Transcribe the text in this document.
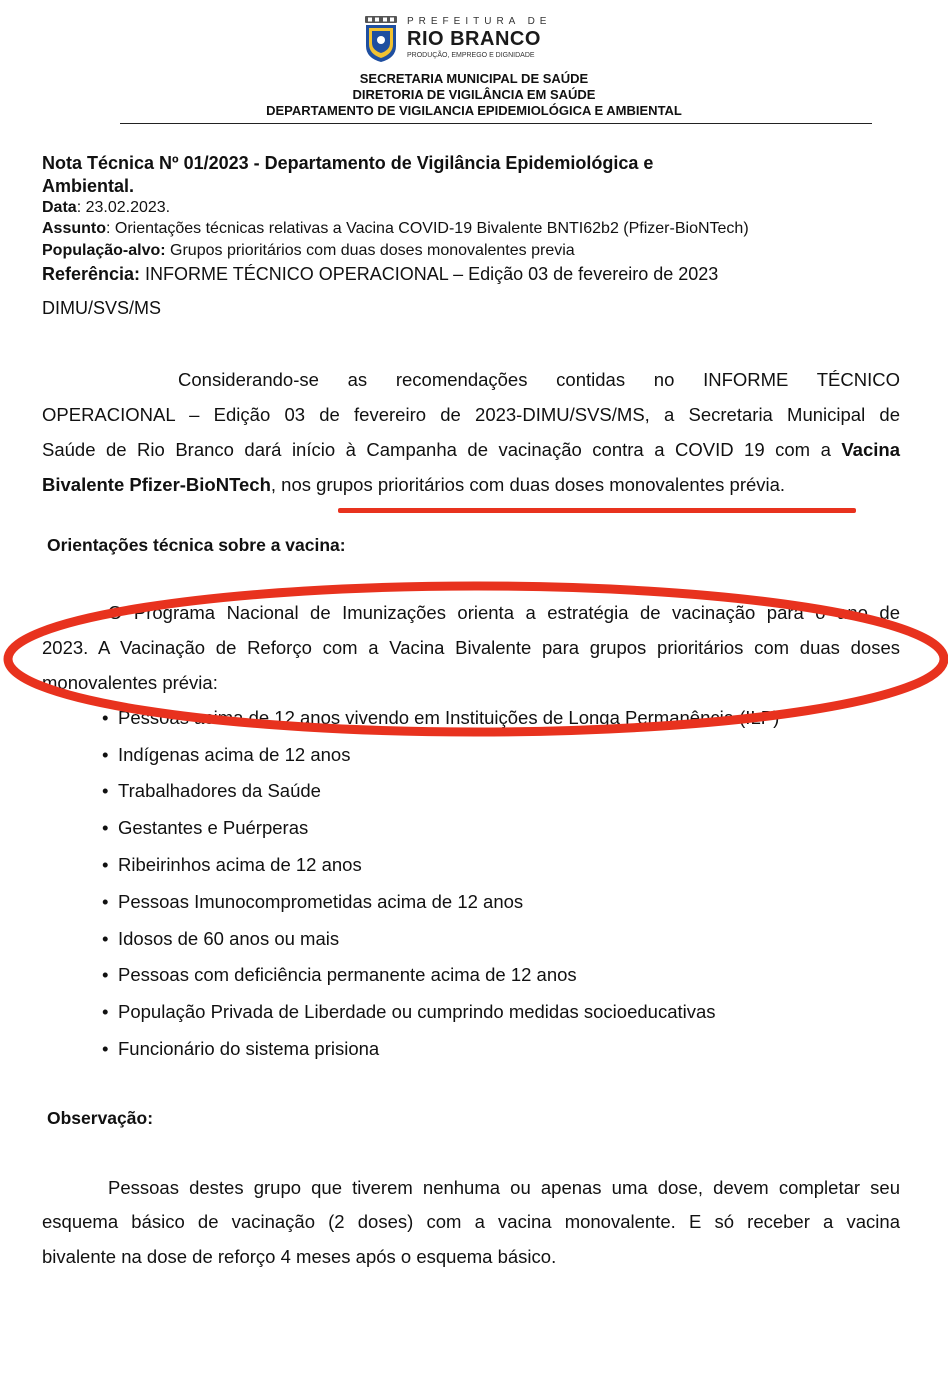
PREFEITURA DE
RIO BRANCO
PRODUÇÃO, EMPREGO E DIGNIDADE
SECRETARIA MUNICIPAL DE SAÚDE
DIRETORIA DE VIGILÂNCIA EM SAÚDE
DEPARTAMENTO DE VIGILANCIA EPIDEMIOLÓGICA E AMBIENTAL
Nota Técnica Nº 01/2023 - Departamento de Vigilância Epidemiológica e
Ambiental.
Data: 23.02.2023.
Assunto: Orientações técnicas relativas a Vacina COVID-19 Bivalente BNTI62b2 (Pfizer-BioNTech)
População-alvo: Grupos prioritários com duas doses monovalentes previa
Referência: INFORME TÉCNICO OPERACIONAL – Edição 03 de fevereiro de 2023
DIMU/SVS/MS
Considerando-se as recomendações contidas no INFORME TÉCNICO
OPERACIONAL – Edição 03 de fevereiro de 2023-DIMU/SVS/MS, a Secretaria Municipal de
Saúde de Rio Branco dará início à Campanha de vacinação contra a COVID 19 com a Vacina
Bivalente Pfizer-BioNTech, nos grupos prioritários com duas doses monovalentes prévia.
Orientações técnica sobre a vacina:
O Programa Nacional de Imunizações orienta a estratégia de vacinação para o ano de
2023. A Vacinação de Reforço com a Vacina Bivalente para grupos prioritários com duas doses
monovalentes prévia:
• Pessoas acima de 12 anos vivendo em Instituições de Longa Permanência (ILP)
• Indígenas acima de 12 anos
• Trabalhadores da Saúde
• Gestantes e Puérperas
• Ribeirinhos acima de 12 anos
• Pessoas Imunocomprometidas acima de 12 anos
• Idosos de 60 anos ou mais
• Pessoas com deficiência permanente acima de 12 anos
• População Privada de Liberdade ou cumprindo medidas socioeducativas
• Funcionário do sistema prisiona
Observação:
Pessoas destes grupo que tiverem nenhuma ou apenas uma dose, devem completar seu
esquema básico de vacinação (2 doses) com a vacina monovalente. E só receber a vacina
bivalente na dose de reforço 4 meses após o esquema básico.
